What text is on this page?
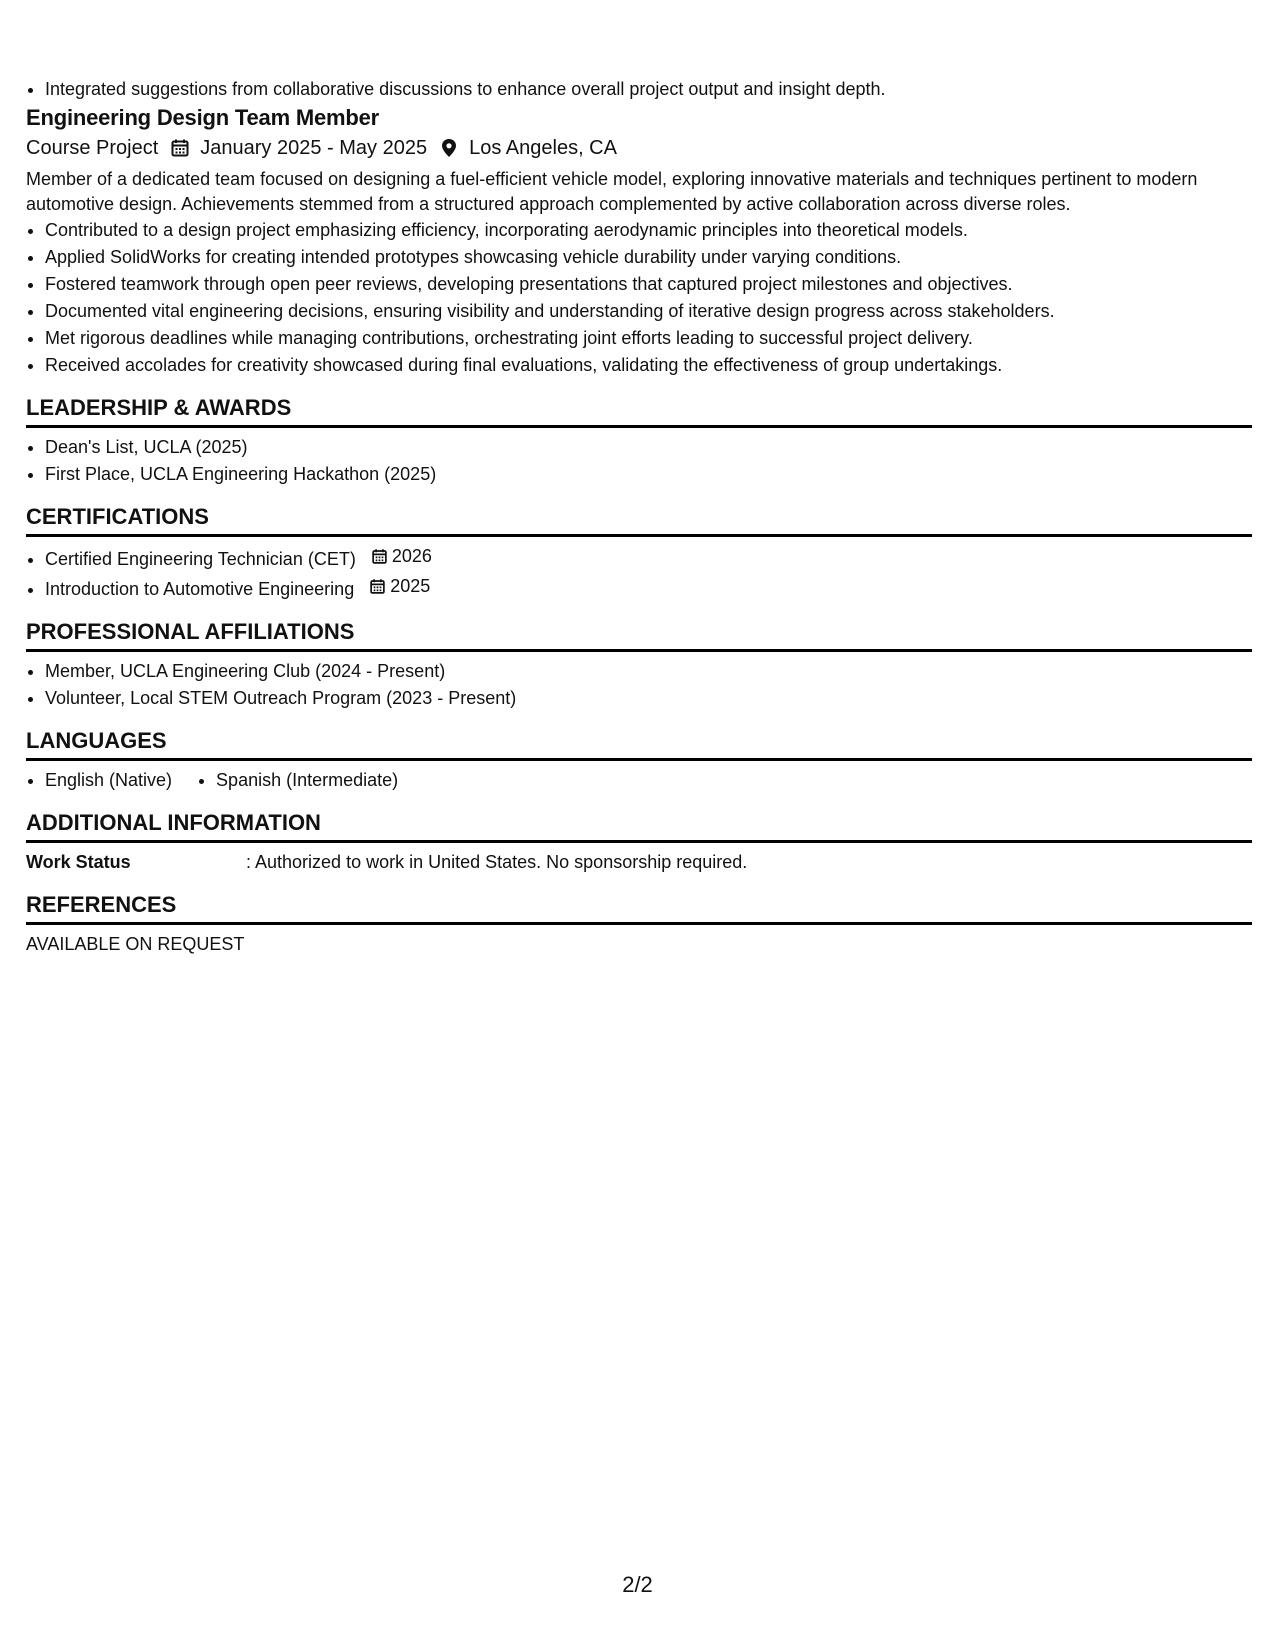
• Integrated suggestions from collaborative discussions to enhance overall project output and insight depth.
Engineering Design Team Member
Course Project January 2025 - May 2025 Los Angeles, CA

Member of a dedicated team focused on designing a fuel-efficient vehicle model, exploring innovative materials and techniques pertinent to modern automotive design. Achievements stemmed from a structured approach complemented by active collaboration across diverse roles.

• Contributed to a design project emphasizing efficiency, incorporating aerodynamic principles into theoretical models.
• Applied SolidWorks for creating intended prototypes showcasing vehicle durability under varying conditions.
• Fostered teamwork through open peer reviews, developing presentations that captured project milestones and objectives.
• Documented vital engineering decisions, ensuring visibility and understanding of iterative design progress across stakeholders.
• Met rigorous deadlines while managing contributions, orchestrating joint efforts leading to successful project delivery.
• Received accolades for creativity showcased during final evaluations, validating the effectiveness of group undertakings.
LEADERSHIP & AWARDS
• Dean's List, UCLA (2025)
• First Place, UCLA Engineering Hackathon (2025)
CERTIFICATIONS
• Certified Engineering Technician (CET) 2026
• Introduction to Automotive Engineering 2025
PROFESSIONAL AFFILIATIONS
• Member, UCLA Engineering Club (2024 - Present)
• Volunteer, Local STEM Outreach Program (2023 - Present)
LANGUAGES
• English (Native)
• Spanish (Intermediate)
ADDITIONAL INFORMATION
Work Status	: Authorized to work in United States. No sponsorship required.
REFERENCES
AVAILABLE ON REQUEST
2/2
